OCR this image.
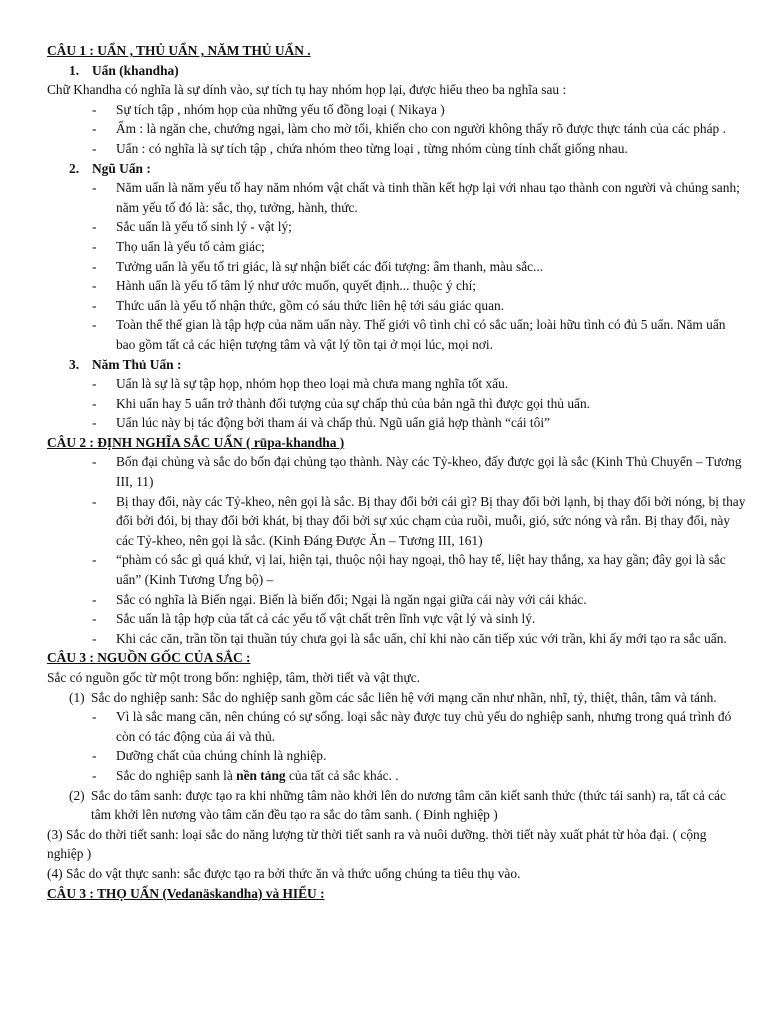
CÂU 1 : UẨN , THỦ UẨN , NĂM THỦ UẨN .
1. Uẩn (khandha)
Chữ Khandha có nghĩa là sự dính vào, sự tích tụ hay nhóm họp lại, được hiểu theo ba nghĩa sau :
- Sự tích tập , nhóm họp của những yếu tố đồng loại ( Nikaya )
- Ấm : là ngăn che, chướng ngại, làm cho mờ tối, khiến cho con người không thấy rõ được thực tánh của các pháp .
- Uẩn : có nghĩa là sự tích tập , chứa nhóm theo từng loại , từng nhóm cùng tính chất giống nhau.
2. Ngũ Uẩn :
- Năm uẩn là năm yếu tố hay năm nhóm vật chất và tinh thần kết hợp lại với nhau tạo thành con người và chúng sanh; năm yếu tố đó là: sắc, thọ, tưởng, hành, thức.
- Sắc uẩn là yếu tố sinh lý - vật lý;
- Thọ uẩn là yếu tố cảm giác;
- Tưởng uẩn là yếu tố tri giác, là sự nhận biết các đối tượng: âm thanh, màu sắc...
- Hành uẩn là yếu tố tâm lý như ước muốn, quyết định... thuộc ý chí;
- Thức uẩn là yếu tố nhận thức, gồm có sáu thức liên hệ tới sáu giác quan.
- Toàn thể thế gian là tập hợp của năm uẩn này. Thế giới vô tình chỉ có sắc uẩn; loài hữu tình có đủ 5 uẩn. Năm uẩn bao gồm tất cả các hiện tượng tâm và vật lý tồn tại ở mọi lúc, mọi nơi.
3. Năm Thủ Uẩn :
- Uẩn là sự là sự tập họp, nhóm họp theo loại mà chưa mang nghĩa tốt xấu.
- Khi uẩn hay 5 uẩn trở thành đối tượng của sự chấp thủ của bản ngã thì được gọi thủ uẩn.
- Uẩn lúc này bị tác động bởi tham ái và chấp thủ. Ngũ uẩn giả hợp thành “cái tôi”
CÂU 2 : ĐỊNH NGHĨA SẮC UẨN ( rūpa-khandha )
- Bốn đại chủng và sắc do bốn đại chủng tạo thành. Này các Tỷ-kheo, đấy được gọi là sắc (Kinh Thủ Chuyển – Tương III, 11)
- Bị thay đổi, này các Tỷ-kheo, nên gọi là sắc. Bị thay đổi bởi cái gì? Bị thay đổi bởi lạnh, bị thay đổi bởi nóng, bị thay đổi bởi đói, bị thay đổi bởi khát, bị thay đổi bởi sự xúc chạm của ruồi, muỗi, gió, sức nóng và rắn. Bị thay đổi, này các Tỷ-kheo, nên gọi là sắc. (Kinh Đáng Được Ăn – Tương III, 161)
- “phàm có sắc gì quá khứ, vị lai, hiện tại, thuộc nội hay ngoại, thô hay tế, liệt hay thắng, xa hay gần; đây gọi là sắc uẩn” (Kinh Tương Ưng bộ) –
- Sắc có nghĩa là Biến ngại. Biến là biến đổi; Ngại là ngăn ngại giữa cái này với cái khác.
- Sắc uẩn là tập hợp của tất cả các yếu tố vật chất trên lĩnh vực vật lý và sinh lý.
- Khi các căn, trần tồn tại thuần túy chưa gọi là sắc uẩn, chỉ khi nào căn tiếp xúc với trần, khi ấy mới tạo ra sắc uẩn.
CÂU 3 : NGUỒN GỐC CỦA SẮC :
Sắc có nguồn gốc từ một trong bốn: nghiệp, tâm, thời tiết và vật thực.
(1) Sắc do nghiệp sanh: Sắc do nghiệp sanh gồm các sắc liên hệ với mạng căn như nhãn, nhĩ, tỷ, thiệt, thân, tâm và tánh.
- Vì là sắc mang căn, nên chúng có sự sống. loại sắc này được tuy chủ yếu do nghiệp sanh, nhưng trong quá trình đó còn có tác động của ái và thủ.
- Dưỡng chất của chúng chính là nghiệp.
- Sắc do nghiệp sanh là nền tảng của tất cả sắc khác. .
(2) Sắc do tâm sanh: được tạo ra khi những tâm nào khởi lên do nương tâm căn kiết sanh thức (thức tái sanh) ra, tất cả các tâm khởi lên nương vào tâm căn đều tạo ra sắc do tâm sanh. ( Đinh nghiệp )
(3) Sắc do thời tiết sanh: loại sắc do năng lượng từ thời tiết sanh ra và nuôi dưỡng. thời tiết này xuất phát từ hỏa đại. ( cộng nghiệp )
(4) Sắc do vật thực sanh: sắc được tạo ra bởi thức ăn và thức uống chúng ta tiêu thụ vào.
CÂU 3 : THỌ UẨN (Vedanäskandha) và HIỂU :
